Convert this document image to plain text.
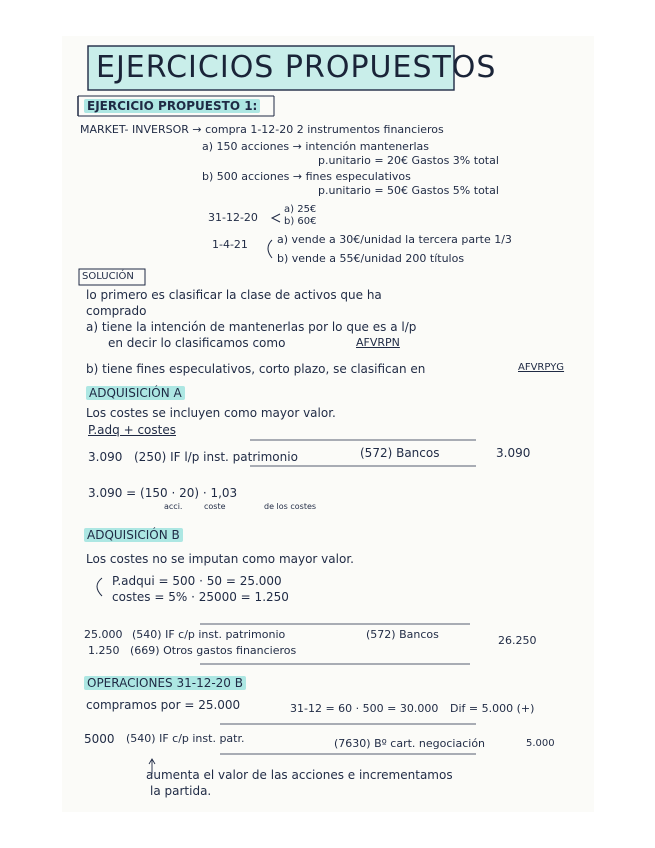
EJERCICIOS PROPUESTOS
EJERCICIO PROPUESTO 1:
MARKET- INVERSOR → compra 1-12-20 2 instrumentos financieros
a) 150 acciones → intención mantenerlas
p.unitario = 20€ Gastos 3% total
b) 500 acciones → fines especulativos
p.unitario = 50€ Gastos 5% total
31-12-20
a) 25€
b) 60€
1-4-21	a) vende a 30€/unidad la tercera parte 1/3
b) vende a 55€/unidad 200 títulos
SOLUCIÓN
lo primero es clasificar la clase de activos que ha
comprado
a) tiene la intención de mantenerlas por lo que es a l/p
en decir lo clasificamos como	AFVRPN
b) tiene fines especulativos, corto plazo, se clasifican en	AFVRPYG
ADQUISICIÓN A
Los costes se incluyen como mayor valor.
P.adq + costes
3.090 (250) IF l/p inst. patrimonio	(572) Bancos	3.090
3.090 = (150 · 20) · 1,03
acci.	coste	de los costes
ADQUISICIÓN B
Los costes no se imputan como mayor valor.
P.adqui = 500 · 50 = 25.000
costes = 5% · 25000 = 1.250
25.000 (540) IF c/p inst. patrimonio	(572) Bancos	26.250
1.250 (669) Otros gastos financieros
OPERACIONES 31-12-20 B
compramos por = 25.000	31-12 = 60 · 500 = 30.000 Dif = 5.000 (+)
5000 (540) IF c/p inst. patr.	(7630) Bº cart. negociación	5.000
aumenta el valor de las acciones e incrementamos
la partida.
